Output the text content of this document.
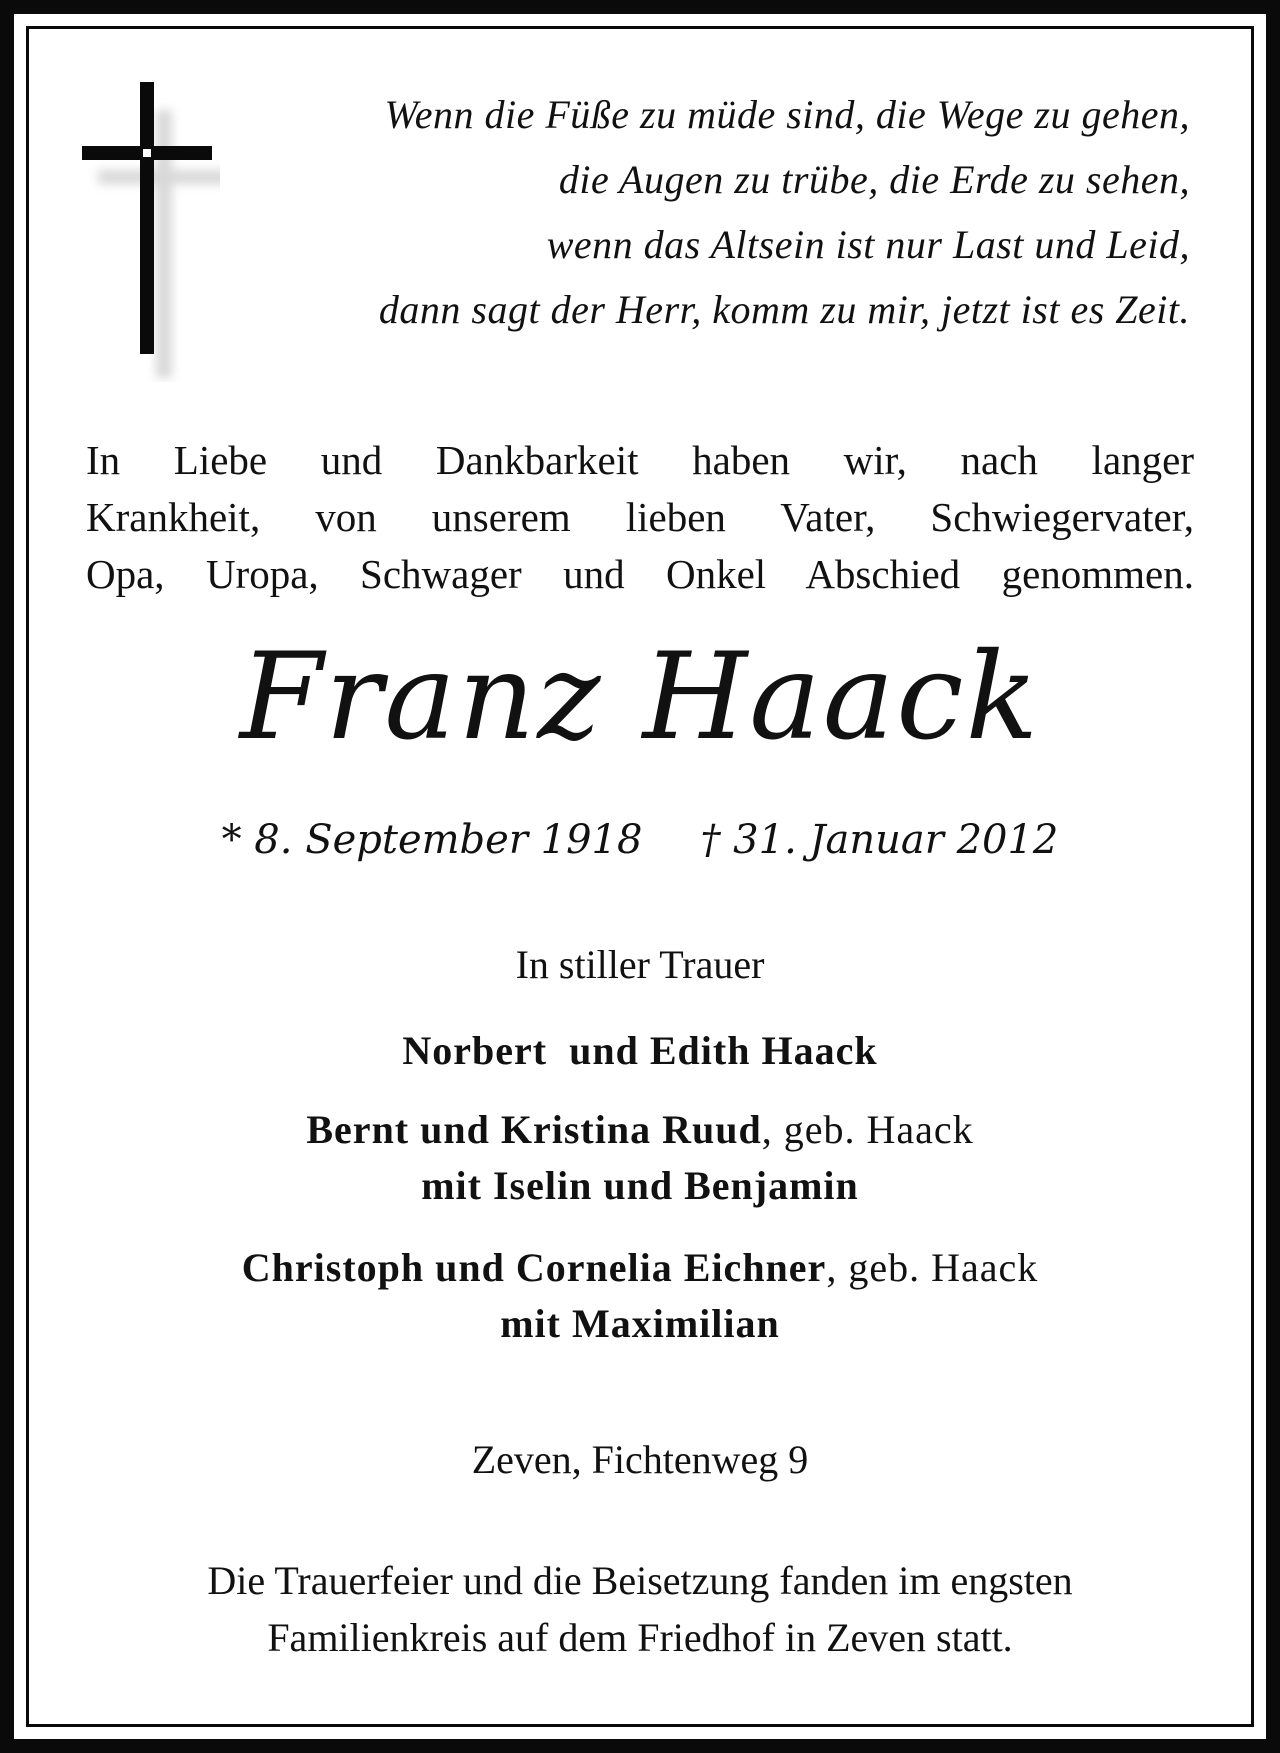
Wenn die Füße zu müde sind, die Wege zu gehen,
die Augen zu trübe, die Erde zu sehen,
wenn das Altsein ist nur Last und Leid,
dann sagt der Herr, komm zu mir, jetzt ist es Zeit.
In Liebe und Dankbarkeit haben wir, nach langer
Krankheit, von unserem lieben Vater, Schwiegervater,
Opa, Uropa, Schwager und Onkel Abschied genommen.
Franz Haack
* 8. September 1918 † 31. Januar 2012
In stiller Trauer
Norbert  und Edith Haack
Bernt und Kristina Ruud, geb. Haack
mit Iselin und Benjamin
Christoph und Cornelia Eichner, geb. Haack
mit Maximilian
Zeven, Fichtenweg 9
Die Trauerfeier und die Beisetzung fanden im engsten
Familienkreis auf dem Friedhof in Zeven statt.
